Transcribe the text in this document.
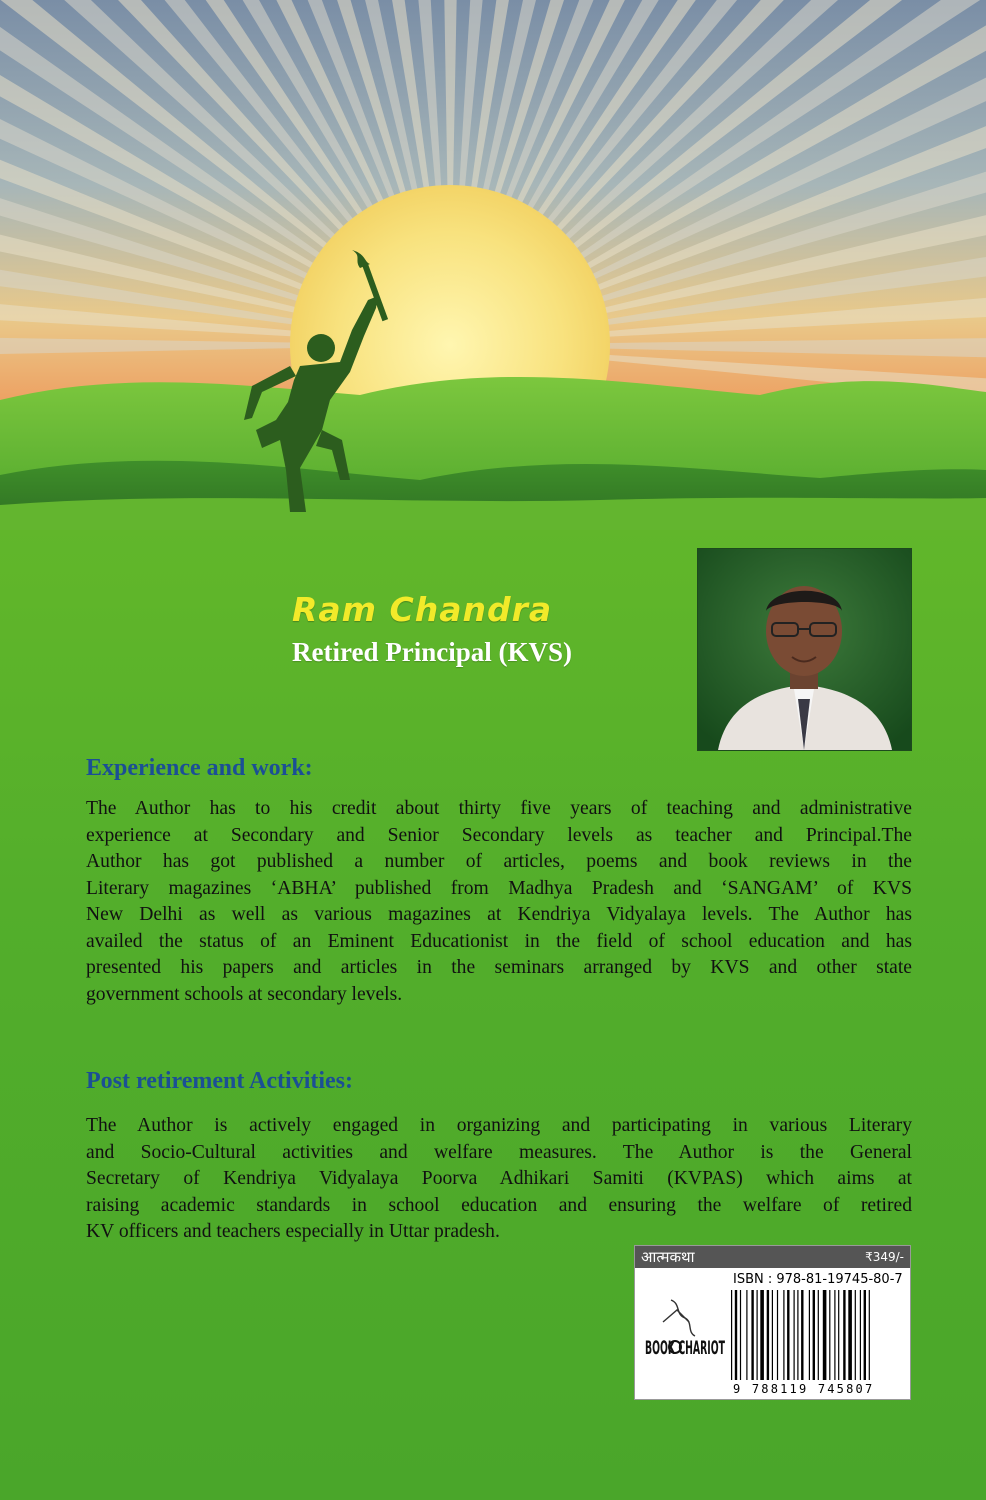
Ram Chandra
Retired Principal (KVS)
Experience and work:
The Author has to his credit about thirty five years of teaching and administrative
experience at Secondary and Senior Secondary levels as teacher and Principal.The
Author has got published a number of articles, poems and book reviews in the
Literary magazines ‘ABHA’ published from Madhya Pradesh and ‘SANGAM’ of KVS
New Delhi as well as various magazines at Kendriya Vidyalaya levels. The Author has
availed the status of an Eminent Educationist in the field of school education and has
presented his papers and articles in the seminars arranged by KVS and other state
government schools at secondary levels.
Post retirement Activities:
The Author is actively engaged in organizing and participating in various Literary
and Socio-Cultural activities and welfare measures. The Author is the General
Secretary of Kendriya Vidyalaya Poorva Adhikari Samiti (KVPAS) which aims at
raising academic standards in school education and ensuring the welfare of retired
KV officers and teachers especially in Uttar pradesh.
आत्मकथा	₹349/-
ISBN : 978-81-19745-80-7
BOOK CHARIOT
9 788119 745807
